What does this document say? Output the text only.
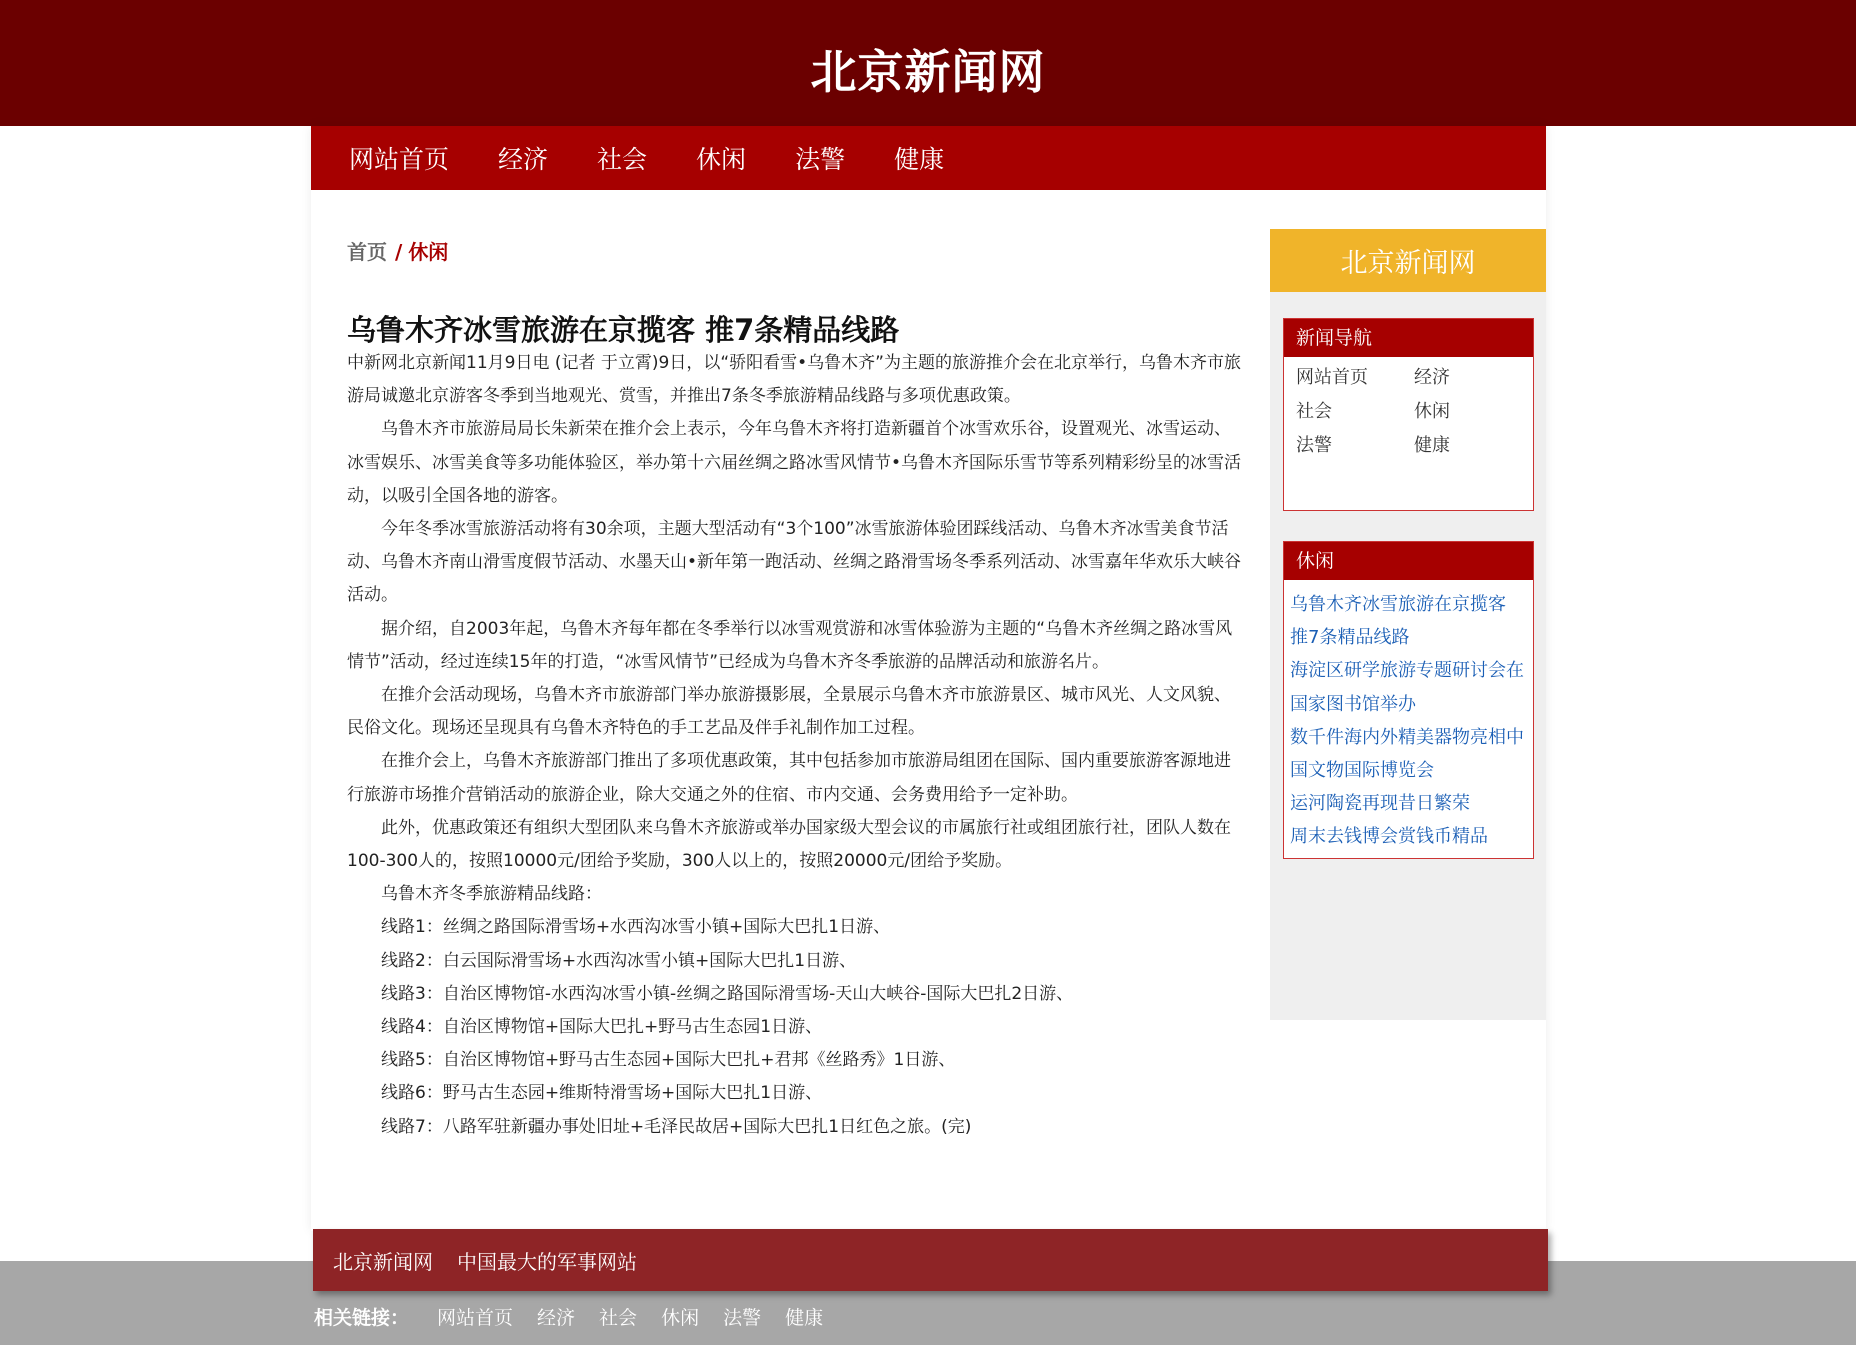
北京新闻网
网站首页 经济 社会 休闲 法警 健康
首页 / 休闲
乌鲁木齐冰雪旅游在京揽客 推7条精品线路

中新网北京新闻11月9日电 (记者 于立霄)9日，以“骄阳看雪•乌鲁木齐”为主题的旅游推介会在北京举行，乌鲁木齐市旅游局诚邀北京游客冬季到当地观光、赏雪，并推出7条冬季旅游精品线路与多项优惠政策。

乌鲁木齐市旅游局局长朱新荣在推介会上表示，今年乌鲁木齐将打造新疆首个冰雪欢乐谷，设置观光、冰雪运动、冰雪娱乐、冰雪美食等多功能体验区，举办第十六届丝绸之路冰雪风情节•乌鲁木齐国际乐雪节等系列精彩纷呈的冰雪活动，以吸引全国各地的游客。

今年冬季冰雪旅游活动将有30余项，主题大型活动有“3个100”冰雪旅游体验团踩线活动、乌鲁木齐冰雪美食节活动、乌鲁木齐南山滑雪度假节活动、水墨天山•新年第一跑活动、丝绸之路滑雪场冬季系列活动、冰雪嘉年华欢乐大峡谷活动。

据介绍，自2003年起，乌鲁木齐每年都在冬季举行以冰雪观赏游和冰雪体验游为主题的“乌鲁木齐丝绸之路冰雪风情节”活动，经过连续15年的打造，“冰雪风情节”已经成为乌鲁木齐冬季旅游的品牌活动和旅游名片。

在推介会活动现场，乌鲁木齐市旅游部门举办旅游摄影展，全景展示乌鲁木齐市旅游景区、城市风光、人文风貌、民俗文化。现场还呈现具有乌鲁木齐特色的手工艺品及伴手礼制作加工过程。

在推介会上，乌鲁木齐旅游部门推出了多项优惠政策，其中包括参加市旅游局组团在国际、国内重要旅游客源地进行旅游市场推介营销活动的旅游企业，除大交通之外的住宿、市内交通、会务费用给予一定补助。

此外，优惠政策还有组织大型团队来乌鲁木齐旅游或举办国家级大型会议的市属旅行社或组团旅行社，团队人数在100-300人的，按照10000元/团给予奖励，300人以上的，按照20000元/团给予奖励。

乌鲁木齐冬季旅游精品线路：

线路1：丝绸之路国际滑雪场+水西沟冰雪小镇+国际大巴扎1日游、

线路2：白云国际滑雪场+水西沟冰雪小镇+国际大巴扎1日游、

线路3：自治区博物馆-水西沟冰雪小镇-丝绸之路国际滑雪场-天山大峡谷-国际大巴扎2日游、

线路4：自治区博物馆+国际大巴扎+野马古生态园1日游、

线路5：自治区博物馆+野马古生态园+国际大巴扎+君邦《丝路秀》1日游、

线路6：野马古生态园+维斯特滑雪场+国际大巴扎1日游、

线路7：八路军驻新疆办事处旧址+毛泽民故居+国际大巴扎1日红色之旅。(完)

北京新闻网
新闻导航
网站首页	经济
社会	休闲
法警	健康
休闲
乌鲁木齐冰雪旅游在京揽客 推7条精品线路
海淀区研学旅游专题研讨会在国家图书馆举办
数千件海内外精美器物亮相中国文物国际博览会
运河陶瓷再现昔日繁荣
周末去钱博会赏钱币精品
北京新闻网 中国最大的军事网站
相关链接： 网站首页 经济 社会 休闲 法警 健康
